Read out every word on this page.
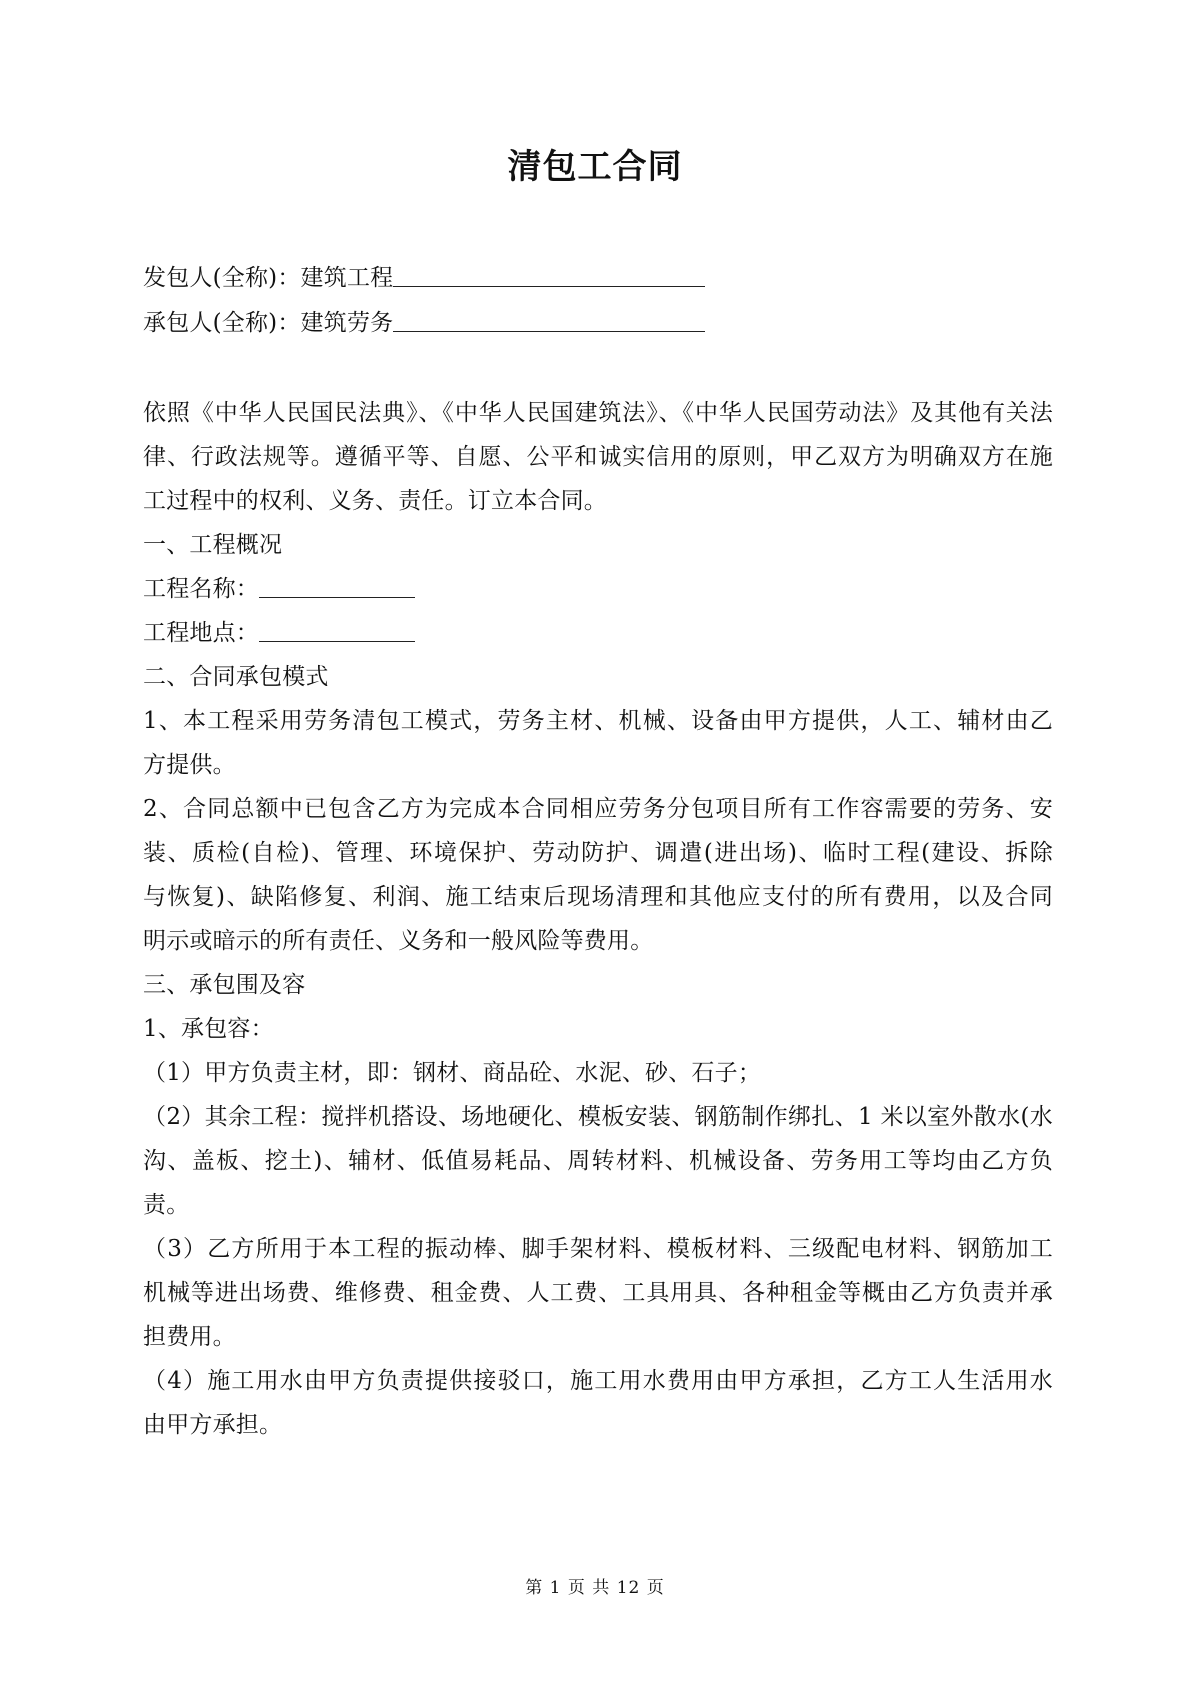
清包工合同
发包人(全称)：建筑工程
承包人(全称)：建筑劳务
依照《中华人民国民法典》、《中华人民国建筑法》、《中华人民国劳动法》及其他有关法
律、行政法规等。遵循平等、自愿、公平和诚实信用的原则，甲乙双方为明确双方在施
工过程中的权利、义务、责任。订立本合同。
一、工程概况
工程名称：
工程地点：
二、合同承包模式
1、本工程采用劳务清包工模式，劳务主材、机械、设备由甲方提供，人工、辅材由乙
方提供。
2、合同总额中已包含乙方为完成本合同相应劳务分包项目所有工作容需要的劳务、安
装、质检(自检)、管理、环境保护、劳动防护、调遣(进出场)、临时工程(建设、拆除
与恢复)、缺陷修复、利润、施工结束后现场清理和其他应支付的所有费用，以及合同
明示或暗示的所有责任、义务和一般风险等费用。
三、承包围及容
1、承包容：
（1）甲方负责主材，即：钢材、商品砼、水泥、砂、石子；
（2）其余工程：搅拌机搭设、场地硬化、模板安装、钢筋制作绑扎、1 米以室外散水(水
沟、盖板、挖土)、辅材、低值易耗品、周转材料、机械设备、劳务用工等均由乙方负
责。
（3）乙方所用于本工程的振动棒、脚手架材料、模板材料、三级配电材料、钢筋加工
机械等进出场费、维修费、租金费、人工费、工具用具、各种租金等概由乙方负责并承
担费用。
（4）施工用水由甲方负责提供接驳口，施工用水费用由甲方承担，乙方工人生活用水
由甲方承担。
第 1 页 共 12 页
